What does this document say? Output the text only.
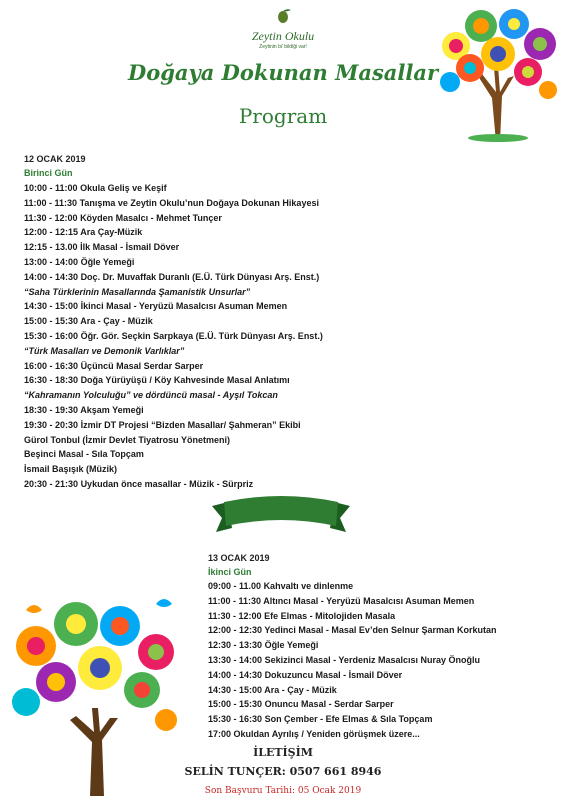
Zeytin Okulu
Zeytinin bi' bildiği var!
Doğaya Dokunan Masallar
Program
12 OCAK 2019
Birinci Gün
10:00 - 11:00 Okula Geliş ve Keşif
11:00 - 11:30 Tanışma ve Zeytin Okulu’nun Doğaya Dokunan Hikayesi
11:30 - 12:00 Köyden Masalcı - Mehmet Tunçer
12:00 - 12:15 Ara Çay-Müzik
12:15 - 13.00 İlk Masal - İsmail Döver
13:00 - 14:00 Öğle Yemeği
14:00 - 14:30 Doç. Dr. Muvaffak Duranlı (E.Ü. Türk Dünyası Arş. Enst.)
“Saha Türklerinin Masallarında Şamanistik Unsurlar”
14:30 - 15:00 İkinci Masal - Yeryüzü Masalcısı Asuman Memen
15:00 - 15:30 Ara - Çay - Müzik
15:30 - 16:00 Öğr. Gör. Seçkin Sarpkaya (E.Ü. Türk Dünyası Arş. Enst.)
“Türk Masalları ve Demonik Varlıklar”
16:00 - 16:30 Üçüncü Masal Serdar Sarper
16:30 - 18:30 Doğa Yürüyüşü / Köy Kahvesinde Masal Anlatımı
“Kahramanın Yolculuğu” ve dördüncü masal - Ayşıl Tokcan
18:30 - 19:30 Akşam Yemeği
19:30 - 20:30 İzmir DT Projesi “Bizden Masallar/ Şahmeran” Ekibi
Gürol Tonbul (İzmir Devlet Tiyatrosu Yönetmeni)
Beşinci Masal - Sıla Topçam
İsmail Başışık (Müzik)
20:30 - 21:30 Uykudan önce masallar - Müzik - Sürpriz
13 OCAK 2019
İkinci Gün
09:00 - 11.00 Kahvaltı ve dinlenme
11:00 - 11:30 Altıncı Masal - Yeryüzü Masalcısı Asuman Memen
11:30 - 12:00 Efe Elmas - Mitolojiden Masala
12:00 - 12:30 Yedinci Masal - Masal Ev’den Selnur Şarman Korkutan
12:30 - 13:30 Öğle Yemeği
13:30 - 14:00 Sekizinci Masal - Yerdeniz Masalcısı Nuray Önoğlu
14:00 - 14:30 Dokuzuncu Masal - İsmail Döver
14:30 - 15:00 Ara - Çay - Müzik
15:00 - 15:30 Onuncu Masal - Serdar Sarper
15:30 - 16:30 Son Çember - Efe Elmas & Sıla Topçam
17:00 Okuldan Ayrılış / Yeniden görüşmek üzere...
İLETİŞİM
SELİN TUNÇER: 0507 661 8946
Son Başvuru Tarihi: 05 Ocak 2019
